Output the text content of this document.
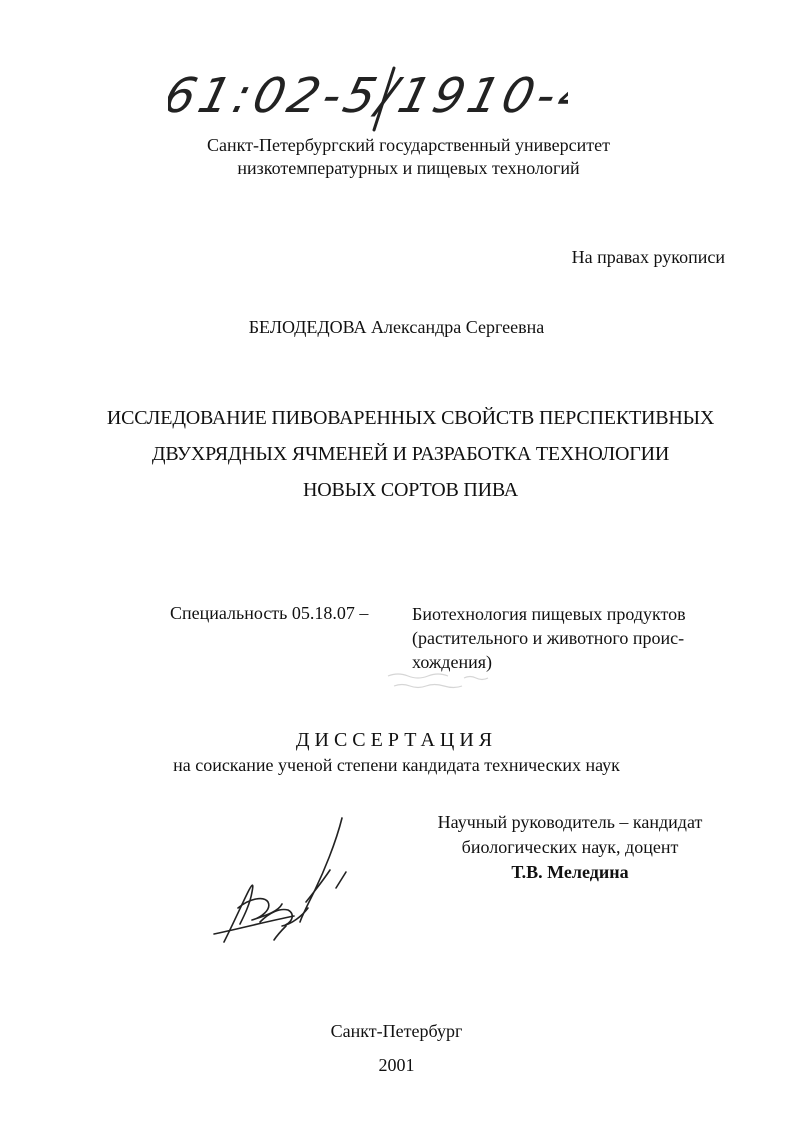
61:02-5/1910-4
Санкт-Петербургский государственный университет
низкотемпературных и пищевых технологий
На правах рукописи
БЕЛОДЕДОВА Александра Сергеевна
ИССЛЕДОВАНИЕ ПИВОВАРЕННЫХ СВОЙСТВ ПЕРСПЕКТИВНЫХ
ДВУХРЯДНЫХ ЯЧМЕНЕЙ И РАЗРАБОТКА ТЕХНОЛОГИИ
НОВЫХ СОРТОВ ПИВА
Специальность 05.18.07 – Биотехнология пищевых продуктов
(растительного и животного проис-
хождения)
ДИССЕРТАЦИЯ
на соискание ученой степени кандидата технических наук
Научный руководитель – кандидат
биологических наук, доцент
Т.В. Меледина
Санкт-Петербург
2001
